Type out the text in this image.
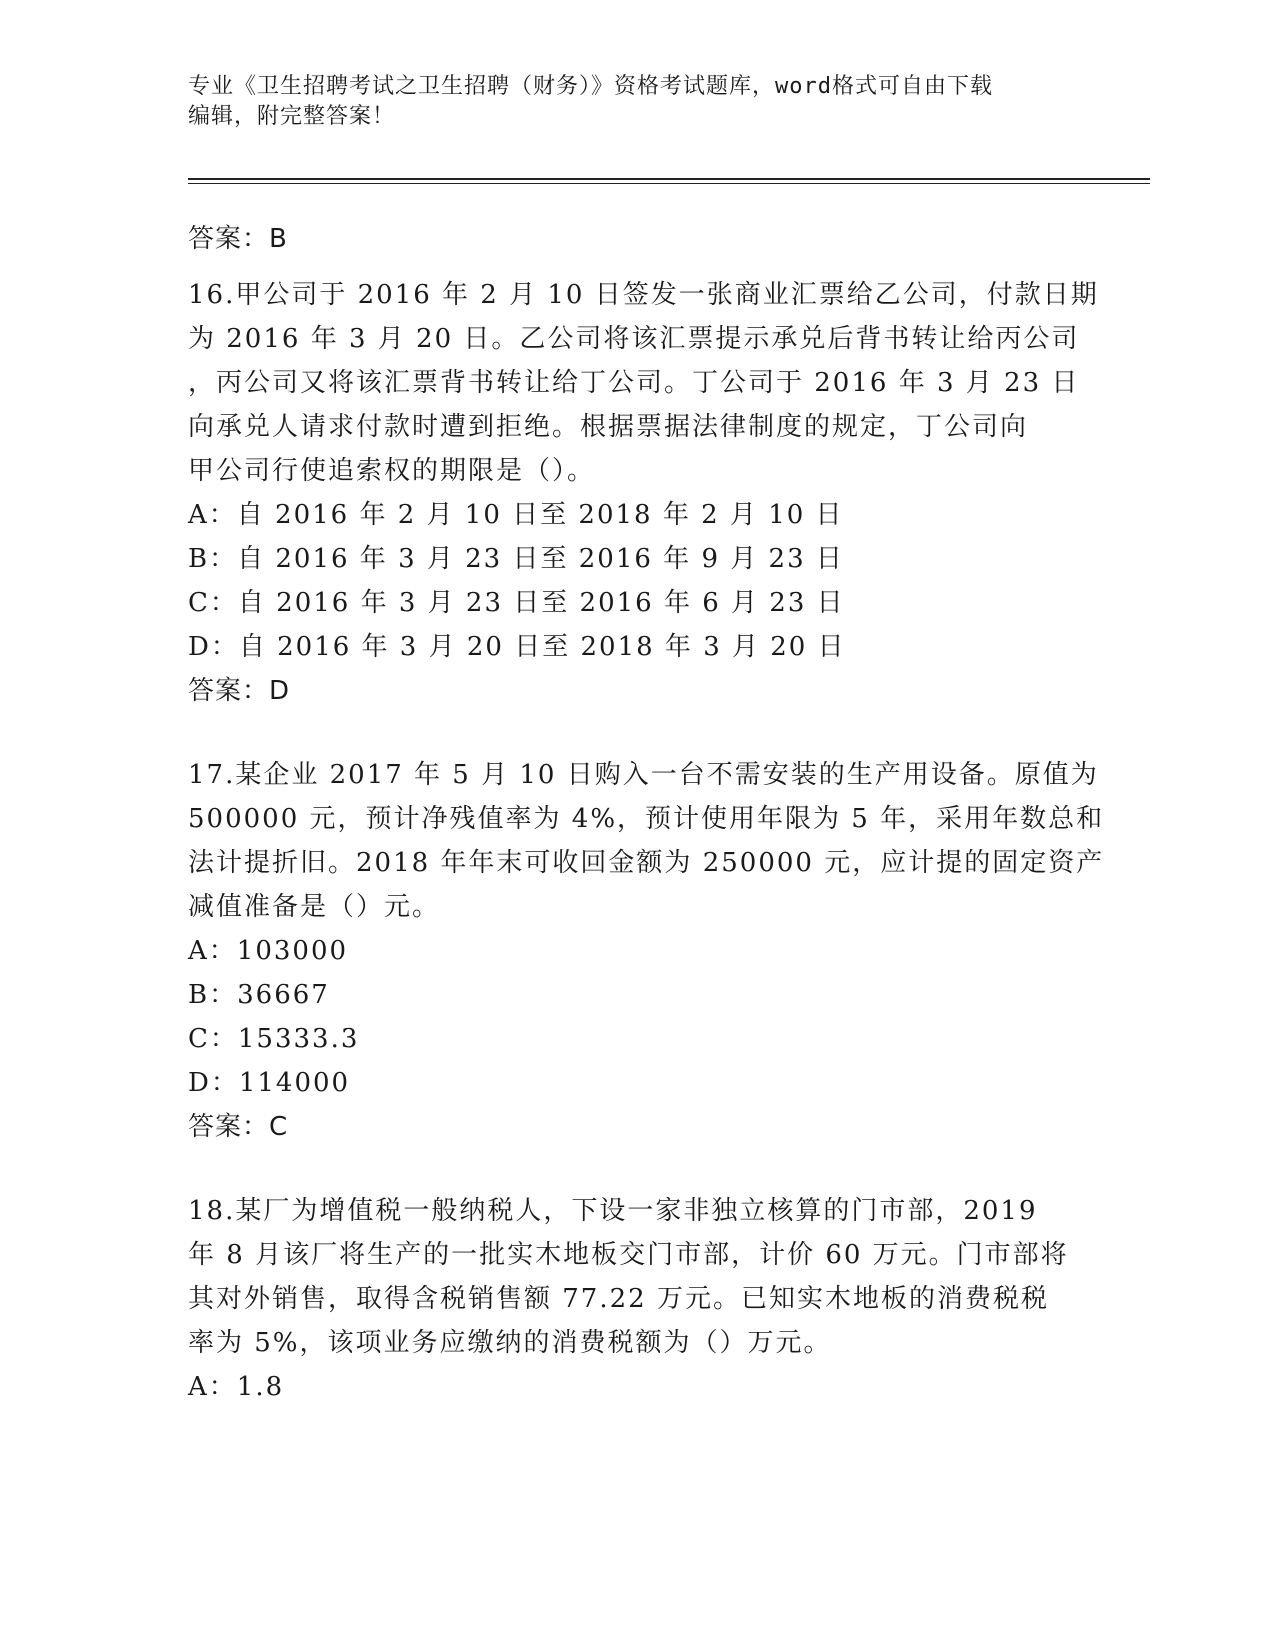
专业《卫生招聘考试之卫生招聘（财务）》资格考试题库，word格式可自由下载
编辑，附完整答案！

答案：B

16.甲公司于 2016 年 2 月 10 日签发一张商业汇票给乙公司，付款日期

为 2016 年 3 月 20 日。乙公司将该汇票提示承兑后背书转让给丙公司

，丙公司又将该汇票背书转让给丁公司。丁公司于 2016 年 3 月 23 日

向承兑人请求付款时遭到拒绝。根据票据法律制度的规定，丁公司向

甲公司行使追索权的期限是（）。

A：自 2016 年 2 月 10 日至 2018 年 2 月 10 日

B：自 2016 年 3 月 23 日至 2016 年 9 月 23 日

C：自 2016 年 3 月 23 日至 2016 年 6 月 23 日

D：自 2016 年 3 月 20 日至 2018 年 3 月 20 日

答案：D

17.某企业 2017 年 5 月 10 日购入一台不需安装的生产用设备。原值为

500000 元，预计净残值率为 4%，预计使用年限为 5 年，采用年数总和

法计提折旧。2018 年年末可收回金额为 250000 元，应计提的固定资产

减值准备是（）元。

A：103000

B：36667

C：15333.3

D：114000

答案：C

18.某厂为增值税一般纳税人，下设一家非独立核算的门市部，2019

年 8 月该厂将生产的一批实木地板交门市部，计价 60 万元。门市部将

其对外销售，取得含税销售额 77.22 万元。已知实木地板的消费税税

率为 5%，该项业务应缴纳的消费税额为（）万元。

A：1.8
